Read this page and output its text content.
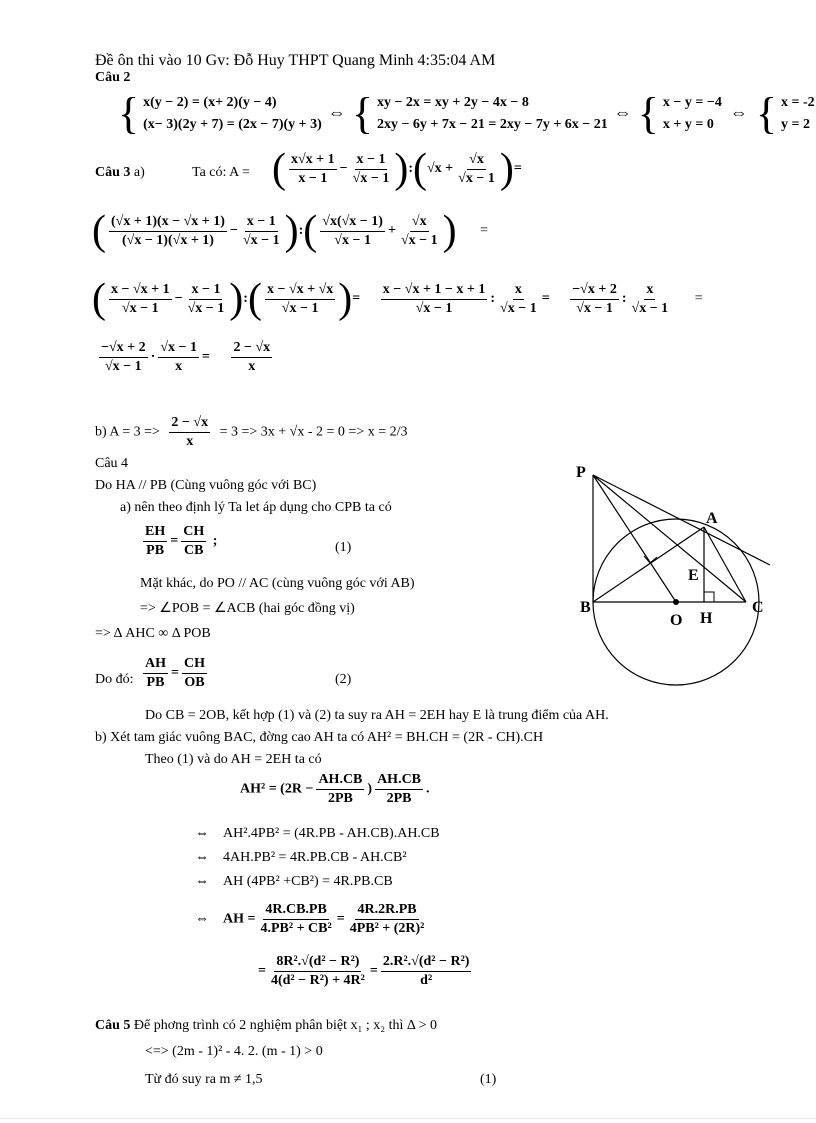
Đề ôn thi vào 10 Gv: Đỗ Huy THPT Quang Minh 4:35:04 AM
Câu 2
{ x(y − 2) = (x+ 2)(y − 4)
(x− 3)(2y + 7) = (2x − 7)(y + 3)
⇔ { xy − 2x = xy + 2y − 4x − 8
2xy − 6y + 7x − 21 = 2xy − 7y + 6x − 21
⇔ { x − y = −4
x + y = 0
⇔ { x = -2
y = 2
Câu 3 a)	Ta có: A = ( $\frac{x√x + 1}{x - 1} - \frac{x - 1}{√x - 1}$ ):(√x + $\frac{√x}{√x - 1}$ )=
( $\frac{(√x + 1)(x - √x + 1)}{(√x - 1)(√x + 1)} - \frac{x - 1}{√x - 1}$ ):( $\frac{√x(√x - 1)}{√x - 1} + \frac{√x}{√x - 1}$ ) =
( $\frac{x - √x + 1}{√x - 1} - \frac{x - 1}{√x - 1}$ ):( $\frac{x - √x + √x}{√x - 1}$ )= $\frac{x - √x + 1 - x + 1}{√x - 1}$ : $\frac{x}{√x - 1} = \frac{-√x + 2}{√x - 1}$ : $\frac{x}{√x - 1}$ =
$\frac{-√x + 2}{√x - 1} \cdot \frac{√x - 1}{x} = \frac{2 - √x}{x}$
b) $A = 3 => \frac{2 - √x}{x} = 3 => 3x + √x - 2 = 0 => x = 2/3$
Câu 4
Do HA // PB (Cùng vuông góc với BC)
a) nên theo định lý Ta let áp dụng cho CPB ta có
$\frac{EH}{PB} = \frac{CH}{CB}$ ;	(1)
Mặt khác, do PO // AC (cùng vuông góc với AB)
=> ∠POB = ∠ACB (hai góc đồng vị)
=> Δ AHC ∞ Δ POB
Do đó: $\frac{AH}{PB} = \frac{CH}{OB}$	(2)
Do CB = 2OB, kết hợp (1) và (2) ta suy ra AH = 2EH hay E là trung điểm của AH.
b) Xét tam giác vuông BAC, đờng cao AH ta có AH² = BH.CH = (2R - CH).CH
Theo (1) và do AH = 2EH ta có
$AH^2 = (2R - \frac{AH.CB}{2PB}$ ) $\frac{AH.CB}{2PB}$ .
⇔    AH².4PB² = (4R.PB - AH.CB).AH.CB
⇔    4AH.PB² = 4R.PB.CB - AH.CB²
⇔    AH (4PB² +CB²) = 4R.PB.CB
⇔ AH = $\frac{4R.CB.PB}{\text{4.PB² + CB²}} = \frac{4R.2R.PB}{\text{4PB² + (2R)²}}$
= $\frac{\text{8R².√(d² − R²)}}{\text{4(d² − R²) + 4R²}} = \frac{\text{2.R².√(d² − R²)}}{\text{d²}}$
Câu 5 Để phơng trình có 2 nghiệm phân biệt x₁ ; x₂ thì Δ > 0
<=> (2m - 1)² - 4. 2. (m - 1) > 0
Từ đó suy ra m ≠ 1,5	(1)
P
A
E
B
O H
C
